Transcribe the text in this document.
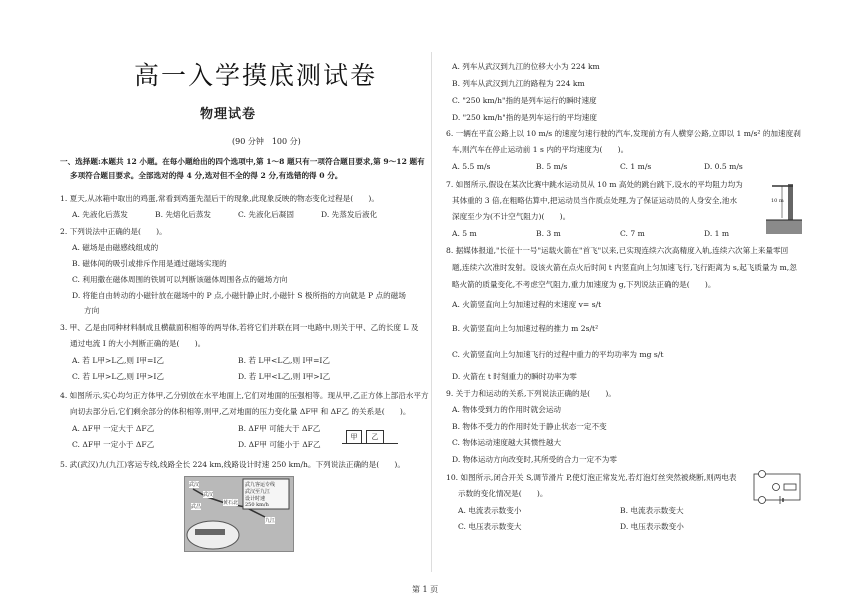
高一入学摸底测试卷
物理试卷
(90 分钟　100 分)
一、选择题:本题共 12 小题。在每小题给出的四个选项中,第 1～8 题只有一项符合题目要求,第 9～12 题有
多项符合题目要求。全部选对的得 4 分,选对但不全的得 2 分,有选错的得 0 分。
1. 夏天,从冰箱中取出的鸡蛋,常看到鸡蛋先湿后干的现象,此现象反映的物态变化过程是(　　)。
A. 先液化后蒸发	B. 先熔化后蒸发	C. 先液化后凝固	D. 先蒸发后液化
2. 下列说法中正确的是(　　)。
A. 磁场是由磁感线组成的
B. 磁体间的吸引或排斥作用是通过磁场实现的
C. 利用撒在磁体周围的铁屑可以判断该磁体周围各点的磁场方向
D. 将能自由转动的小磁针放在磁场中的 P 点,小磁针静止时,小磁针 S 极所指的方向就是 P 点的磁场
方向
3. 甲、乙是由同种材料制成且横截面积相等的两导体,若将它们并联在同一电路中,则关于甲、乙的长度 L 及
通过电流 I 的大小判断正确的是(　　)。
A. 若 L甲>L乙,则 I甲=I乙	B. 若 L甲<L乙,则 I甲=I乙
C. 若 L甲>L乙,则 I甲>I乙	D. 若 L甲<L乙,则 I甲>I乙
4. 如图所示,实心均匀正方体甲,乙分别放在水平地面上,它们对地面的压强相等。现从甲,乙正方体上部沿水平方
向切去部分后,它们剩余部分的体积相等,则甲,乙对地面的压力变化量 ΔF甲 和 ΔF乙 的关系是(　　)。
A. ΔF甲 一定大于 ΔF乙	B. ΔF甲 可能大于 ΔF乙
C. ΔF甲 一定小于 ΔF乙	D. ΔF甲 可能小于 ΔF乙
甲	乙
5. 武(武汉)九(九江)客运专线,线路全长 224 km,线路设计时速 250 km/h。下列说法正确的是(　　)。
武汉
武汉
黄石北
九江
武昌
武九客运专线
武汉至九江
设计时速
250 km/h
A. 列车从武汉到九江的位移大小为 224 km
B. 列车从武汉到九江的路程为 224 km
C. "250 km/h"指的是列车运行的瞬时速度
D. "250 km/h"指的是列车运行的平均速度
6. 一辆在平直公路上以 10 m/s 的速度匀速行驶的汽车,发现前方有人横穿公路,立即以 1 m/s² 的加速度刹
车,则汽车在停止运动前 1 s 内的平均速度为(　　)。
A. 5.5 m/s	B. 5 m/s	C. 1 m/s	D. 0.5 m/s
7. 如图所示,假设在某次比赛中跳水运动员从 10 m 高处的跳台跳下,设水的平均阻力均为
其体重的 3 倍,在粗略估算中,把运动员当作质点处理,为了保证运动员的人身安全,池水
深度至少为(不计空气阻力)(　　)。
A. 5 m	B. 3 m	C. 7 m	D. 1 m
10 m
8. 据媒体报道,"长征十一号"运载火箭在"首飞"以来,已实现连续六次高精度入轨,连续六次第上来量零回
题,连续六次准时发射。设该火箭在点火后时间 t 内竖直向上匀加速飞行,飞行距离为 s,起飞质量为 m,忽
略火箭的质量变化,不考虑空气阻力,重力加速度为 g,下列说法正确的是(　　)。
A. 火箭竖直向上匀加速过程的末速度 v= s/t
B. 火箭竖直向上匀加速过程的推力 m 2s/t²
C. 火箭竖直向上匀加速飞行的过程中重力的平均功率为 mg s/t
D. 火箭在 t 时刻重力的瞬时功率为零
9. 关于力和运动的关系,下列说法正确的是(　　)。
A. 物体受到力的作用时就会运动
B. 物体不受力的作用时处于静止状态一定不变
C. 物体运动速度越大其惯性越大
D. 物体运动方向改变时,其所受的合力一定不为零
10. 如图所示,闭合开关 S,调节滑片 P,使灯泡正常发光,若灯泡灯丝突然被烧断,则两电表
示数的变化情况是(　　)。
A. 电流表示数变小	B. 电流表示数变大
C. 电压表示数变大	D. 电压表示数变小
第 1 页
